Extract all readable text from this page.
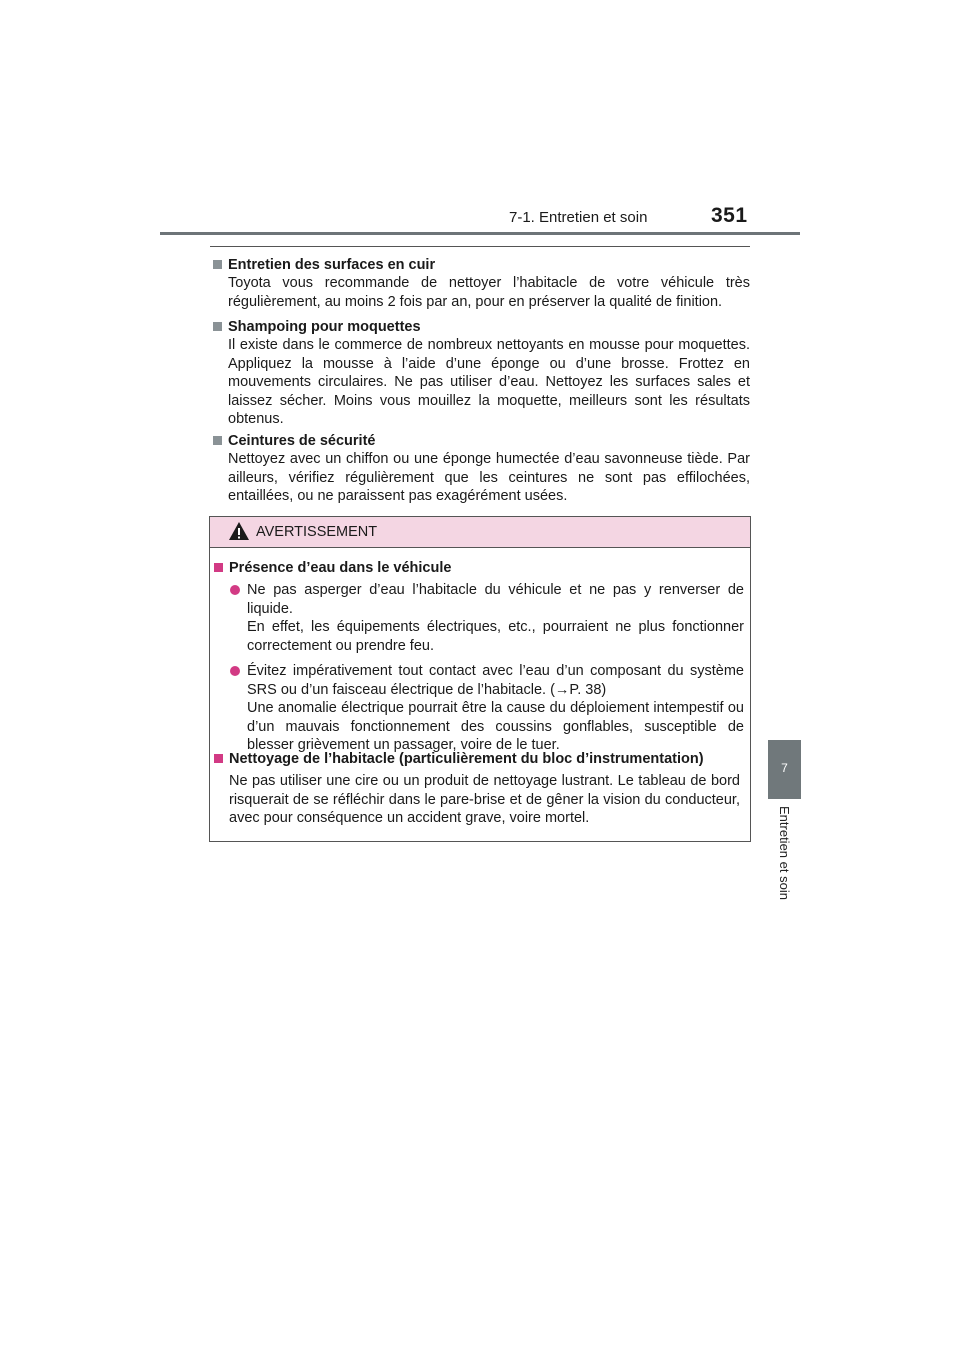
7-1. Entretien et soin	351
7
Entretien et soin
Entretien des surfaces en cuir
Toyota vous recommande de nettoyer l’habitacle de votre véhicule très régulièrement, au moins 2 fois par an, pour en préserver la qualité de finition.
Shampoing pour moquettes
Il existe dans le commerce de nombreux nettoyants en mousse pour moquettes. Appliquez la mousse à l’aide d’une éponge ou d’une brosse. Frottez en mouvements circulaires. Ne pas utiliser d’eau. Nettoyez les surfaces sales et laissez sécher. Moins vous mouillez la moquette, meilleurs sont les résultats obtenus.
Ceintures de sécurité
Nettoyez avec un chiffon ou une éponge humectée d’eau savonneuse tiède. Par ailleurs, vérifiez régulièrement que les ceintures ne sont pas effilochées, entaillées, ou ne paraissent pas exagérément usées.
AVERTISSEMENT
Présence d’eau dans le véhicule
Ne pas asperger d’eau l’habitacle du véhicule et ne pas y renverser de liquide.
En effet, les équipements électriques, etc., pourraient ne plus fonctionner correctement ou prendre feu.
Évitez impérativement tout contact avec l’eau d’un composant du système SRS ou d’un faisceau électrique de l’habitacle. (→P. 38)
Une anomalie électrique pourrait être la cause du déploiement intempestif ou d’un mauvais fonctionnement des coussins gonflables, susceptible de blesser grièvement un passager, voire de le tuer.
Nettoyage de l’habitacle (particulièrement du bloc d’instrumentation)
Ne pas utiliser une cire ou un produit de nettoyage lustrant. Le tableau de bord risquerait de se réfléchir dans le pare-brise et de gêner la vision du conducteur, avec pour conséquence un accident grave, voire mortel.
